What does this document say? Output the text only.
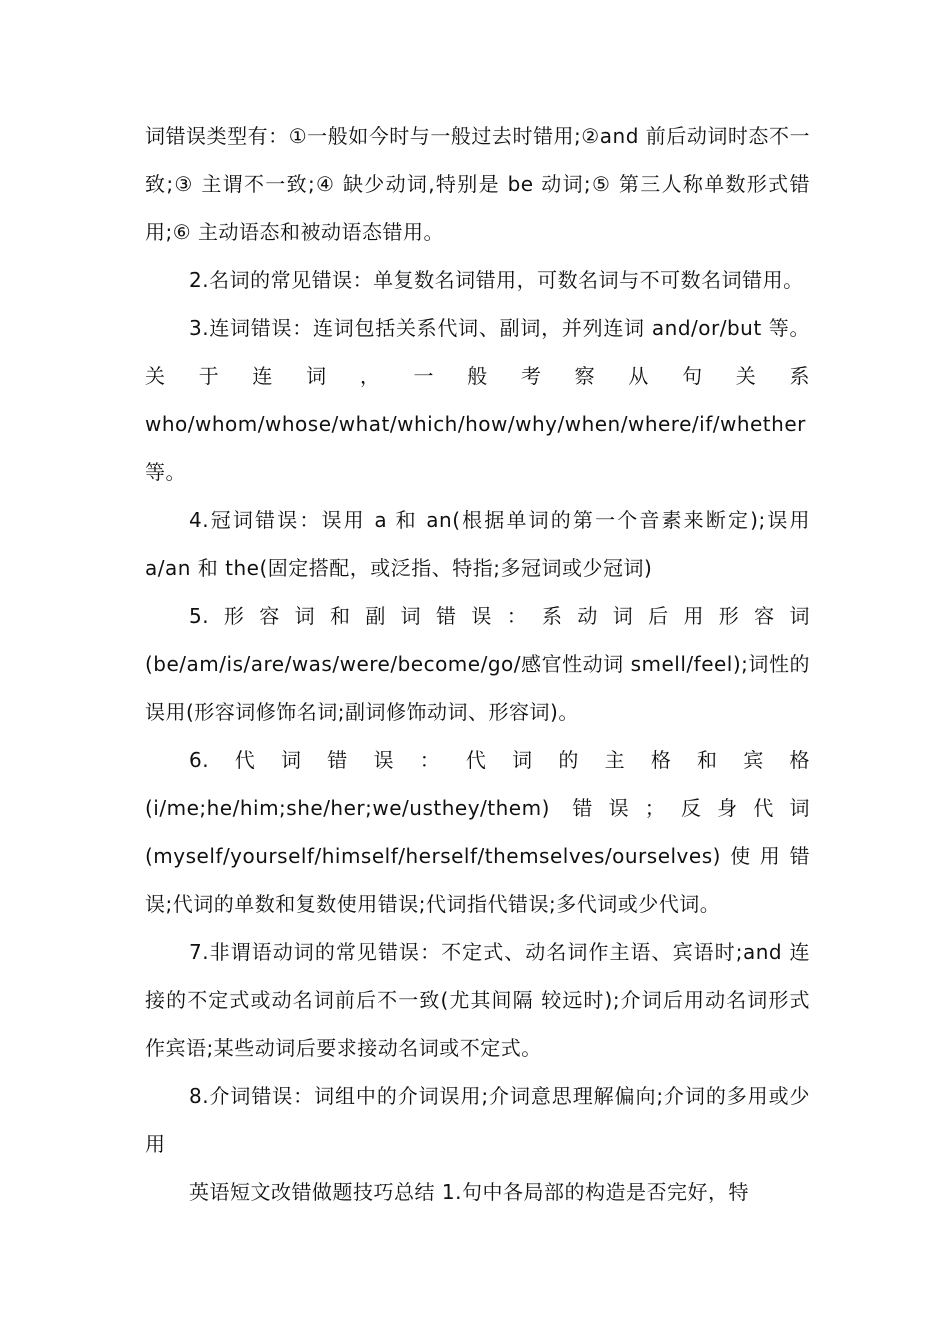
词错误类型有：①一般如今时与一般过去时错用;②and 前后动词时态不一致;③ 主谓不一致;④ 缺少动词,特别是 be 动词;⑤ 第三人称单数形式错用;⑥ 主动语态和被动语态错用。

2.名词的常见错误：单复数名词错用，可数名词与不可数名词错用。

3.连词错误：连词包括关系代词、副词，并列连词 and/or/but 等。关于连词，一般考察从句关系 who/whom/whose/what/which/how/why/when/where/if/whether 等。

4.冠词错误：误用 a 和 an(根据单词的第一个音素来断定);误用 a/an 和 the(固定搭配，或泛指、特指;多冠词或少冠词)

5.形容词和副词错误：系动词后用形容词(be/am/is/are/was/were/become/go/感官性动词 smell/feel);词性的误用(形容词修饰名词;副词修饰动词、形容词)。

6.代词错误：代词的主格和宾格(i/me;he/him;she/her;we/usthey/them) 错误；反身代词 (myself/yourself/himself/herself/themselves/ourselves)使用错误;代词的单数和复数使用错误;代词指代错误;多代词或少代词。

7.非谓语动词的常见错误：不定式、动名词作主语、宾语时;and 连接的不定式或动名词前后不一致(尤其间隔 较远时);介词后用动名词形式作宾语;某些动词后要求接动名词或不定式。

8.介词错误：词组中的介词误用;介词意思理解偏向;介词的多用或少用

英语短文改错做题技巧总结 1.句中各局部的构造是否完好，特
